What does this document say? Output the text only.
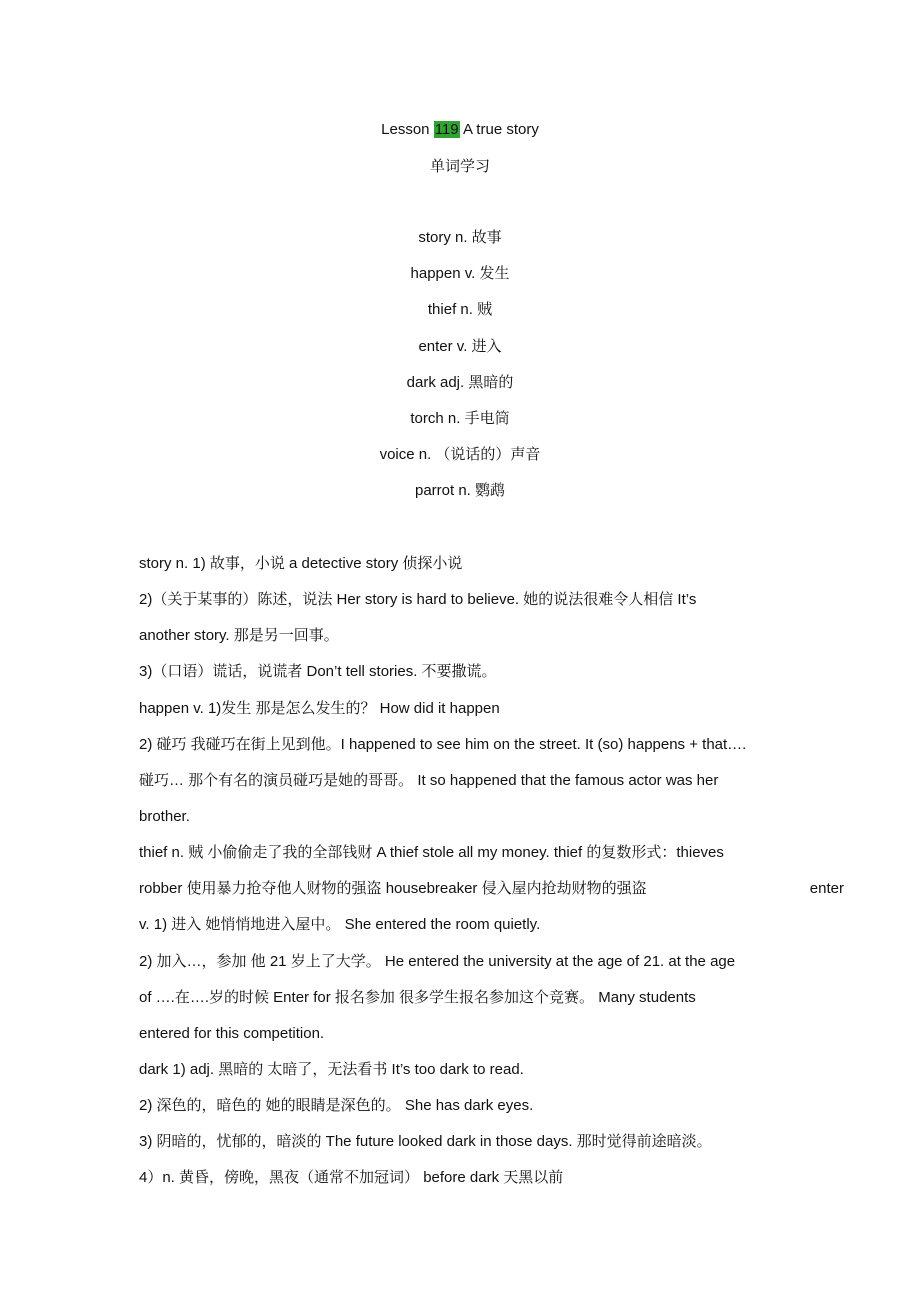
Lesson 119 A true story
单词学习
story n. 故事
happen v. 发生
thief n. 贼
enter v. 进入
dark adj. 黑暗的
torch n. 手电筒
voice n. （说话的）声音
parrot n. 鹦鹉
story n. 1) 故事，小说 a detective story 侦探小说
2)（关于某事的）陈述，说法 Her story is hard to believe. 她的说法很难令人相信 It’s
another story. 那是另一回事。
3)（口语）谎话，说谎者 Don’t tell stories. 不要撒谎。
happen v. 1)发生 那是怎么发生的？ How did it happen
2) 碰巧 我碰巧在街上见到他。I happened to see him on the street. It (so) happens + that….
碰巧… 那个有名的演员碰巧是她的哥哥。 It so happened that the famous actor was her
brother.
thief n. 贼 小偷偷走了我的全部钱财 A thief stole all my money. thief 的复数形式：thieves
robber 使用暴力抢夺他人财物的强盗 housebreaker 侵入屋内抢劫财物的强盗	enter
v. 1) 进入 她悄悄地进入屋中。 She entered the room quietly.
2) 加入…，参加 他 21 岁上了大学。 He entered the university at the age of 21. at the age
of ….在….岁的时候 Enter for 报名参加 很多学生报名参加这个竞赛。 Many students
entered for this competition.
dark 1) adj. 黑暗的 太暗了，无法看书 It’s too dark to read.
2) 深色的，暗色的 她的眼睛是深色的。 She has dark eyes.
3) 阴暗的，忧郁的，暗淡的 The future looked dark in those days. 那时觉得前途暗淡。
4）n. 黄昏，傍晚，黑夜（通常不加冠词） before dark 天黑以前
